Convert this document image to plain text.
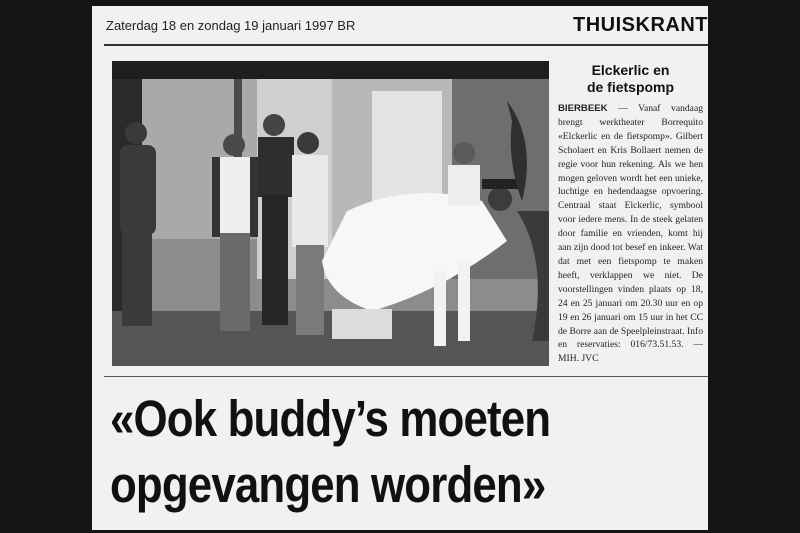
Zaterdag 18 en zondag 19 januari 1997 BR	THUISKRANT
Elckerlic en
de fietspomp
BIERBEEK — Vanaf vandaag brengt werktheater Borrequito «Elckerlic en de fietspomp». Gilbert Scholaert en Kris Bollaert nemen de regie voor hun rekening. Als we hen mogen geloven wordt het een unieke, luchtige en hedendaagse opvoering. Centraal staat Elckerlic, symbool voor iedere mens. In de steek gelaten door familie en vrienden, komt hij aan zijn dood tot besef en inkeer. Wat dat met een fietspomp te maken heeft, verklappen we niet. De voorstellingen vinden plaats op 18, 24 en 25 januari om 20.30 uur en op 19 en 26 januari om 15 uur in het CC de Borre aan de Speelpleinstraat. Info en reservaties: 016/73.51.53. — MIH. JVC
«Ook buddy’s moeten
opgevangen worden»
